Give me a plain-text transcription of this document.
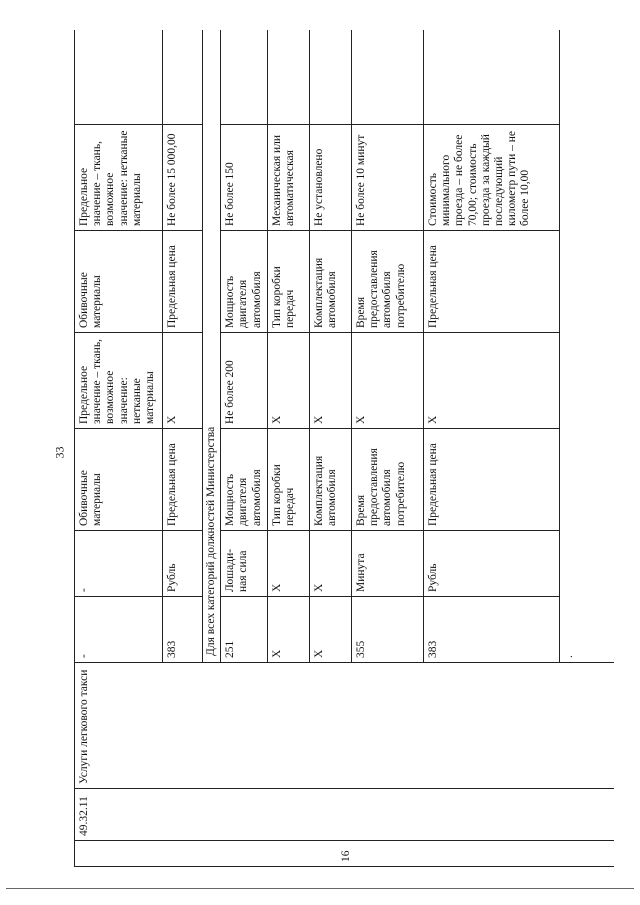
33
16	49.32.11	Услуги легкового такси	-	-	Обивочные материалы	Предельное значение – ткань, возможное значение: нетканые материалы	Обивочные материалы	Предельное значение – ткань, возможное значение: нетканые материалы	
			383	Рубль	Предельная цена	X	Предельная цена	Не более 15 000,00	
			Для всех категорий должностей Министерства						
			251	Лошади-ная сила	Мощность двигателя автомобиля	Не более 200	Мощность двигателя автомобиля	Не более 150	
			X	X	Тип коробки передач	X	Тип коробки передач	Механическая или автоматическая	
			X	X	Комплектация автомобиля	X	Комплектация автомобиля	Не установлено	
			355	Минута	Время предоставления автомобиля потребителю	X	Время предоставления автомобиля потребителю	Не более 10 минут	
			383	Рубль	Предельная цена	X	Предельная цена	Стоимость минимального проезда – не более 70,00; стоимость проезда за каждый последующий километр пути – не более 10,00	
			.						
